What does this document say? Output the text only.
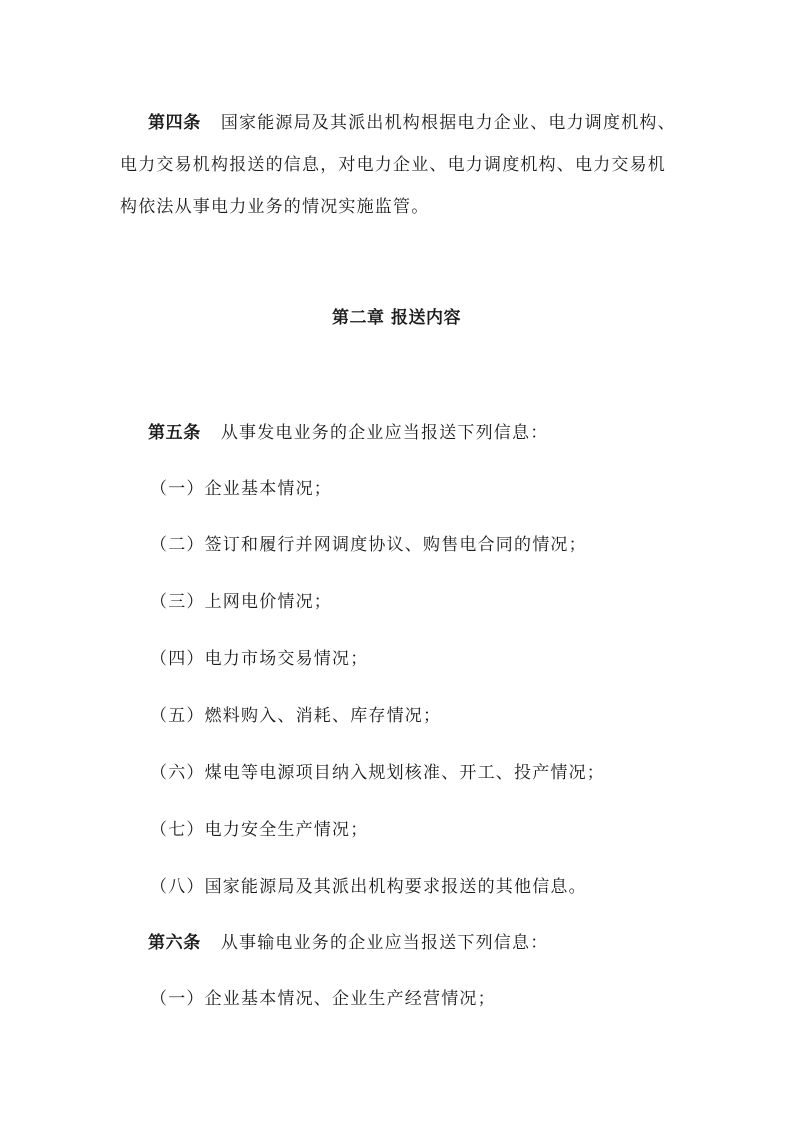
第四条 国家能源局及其派出机构根据电力企业、电力调度机构、
电力交易机构报送的信息，对电力企业、电力调度机构、电力交易机
构依法从事电力业务的情况实施监管。
第二章 报送内容
第五条 从事发电业务的企业应当报送下列信息：
（一）企业基本情况；
（二）签订和履行并网调度协议、购售电合同的情况；
（三）上网电价情况；
（四）电力市场交易情况；
（五）燃料购入、消耗、库存情况；
（六）煤电等电源项目纳入规划核准、开工、投产情况；
（七）电力安全生产情况；
（八）国家能源局及其派出机构要求报送的其他信息。
第六条 从事输电业务的企业应当报送下列信息：
（一）企业基本情况、企业生产经营情况；
